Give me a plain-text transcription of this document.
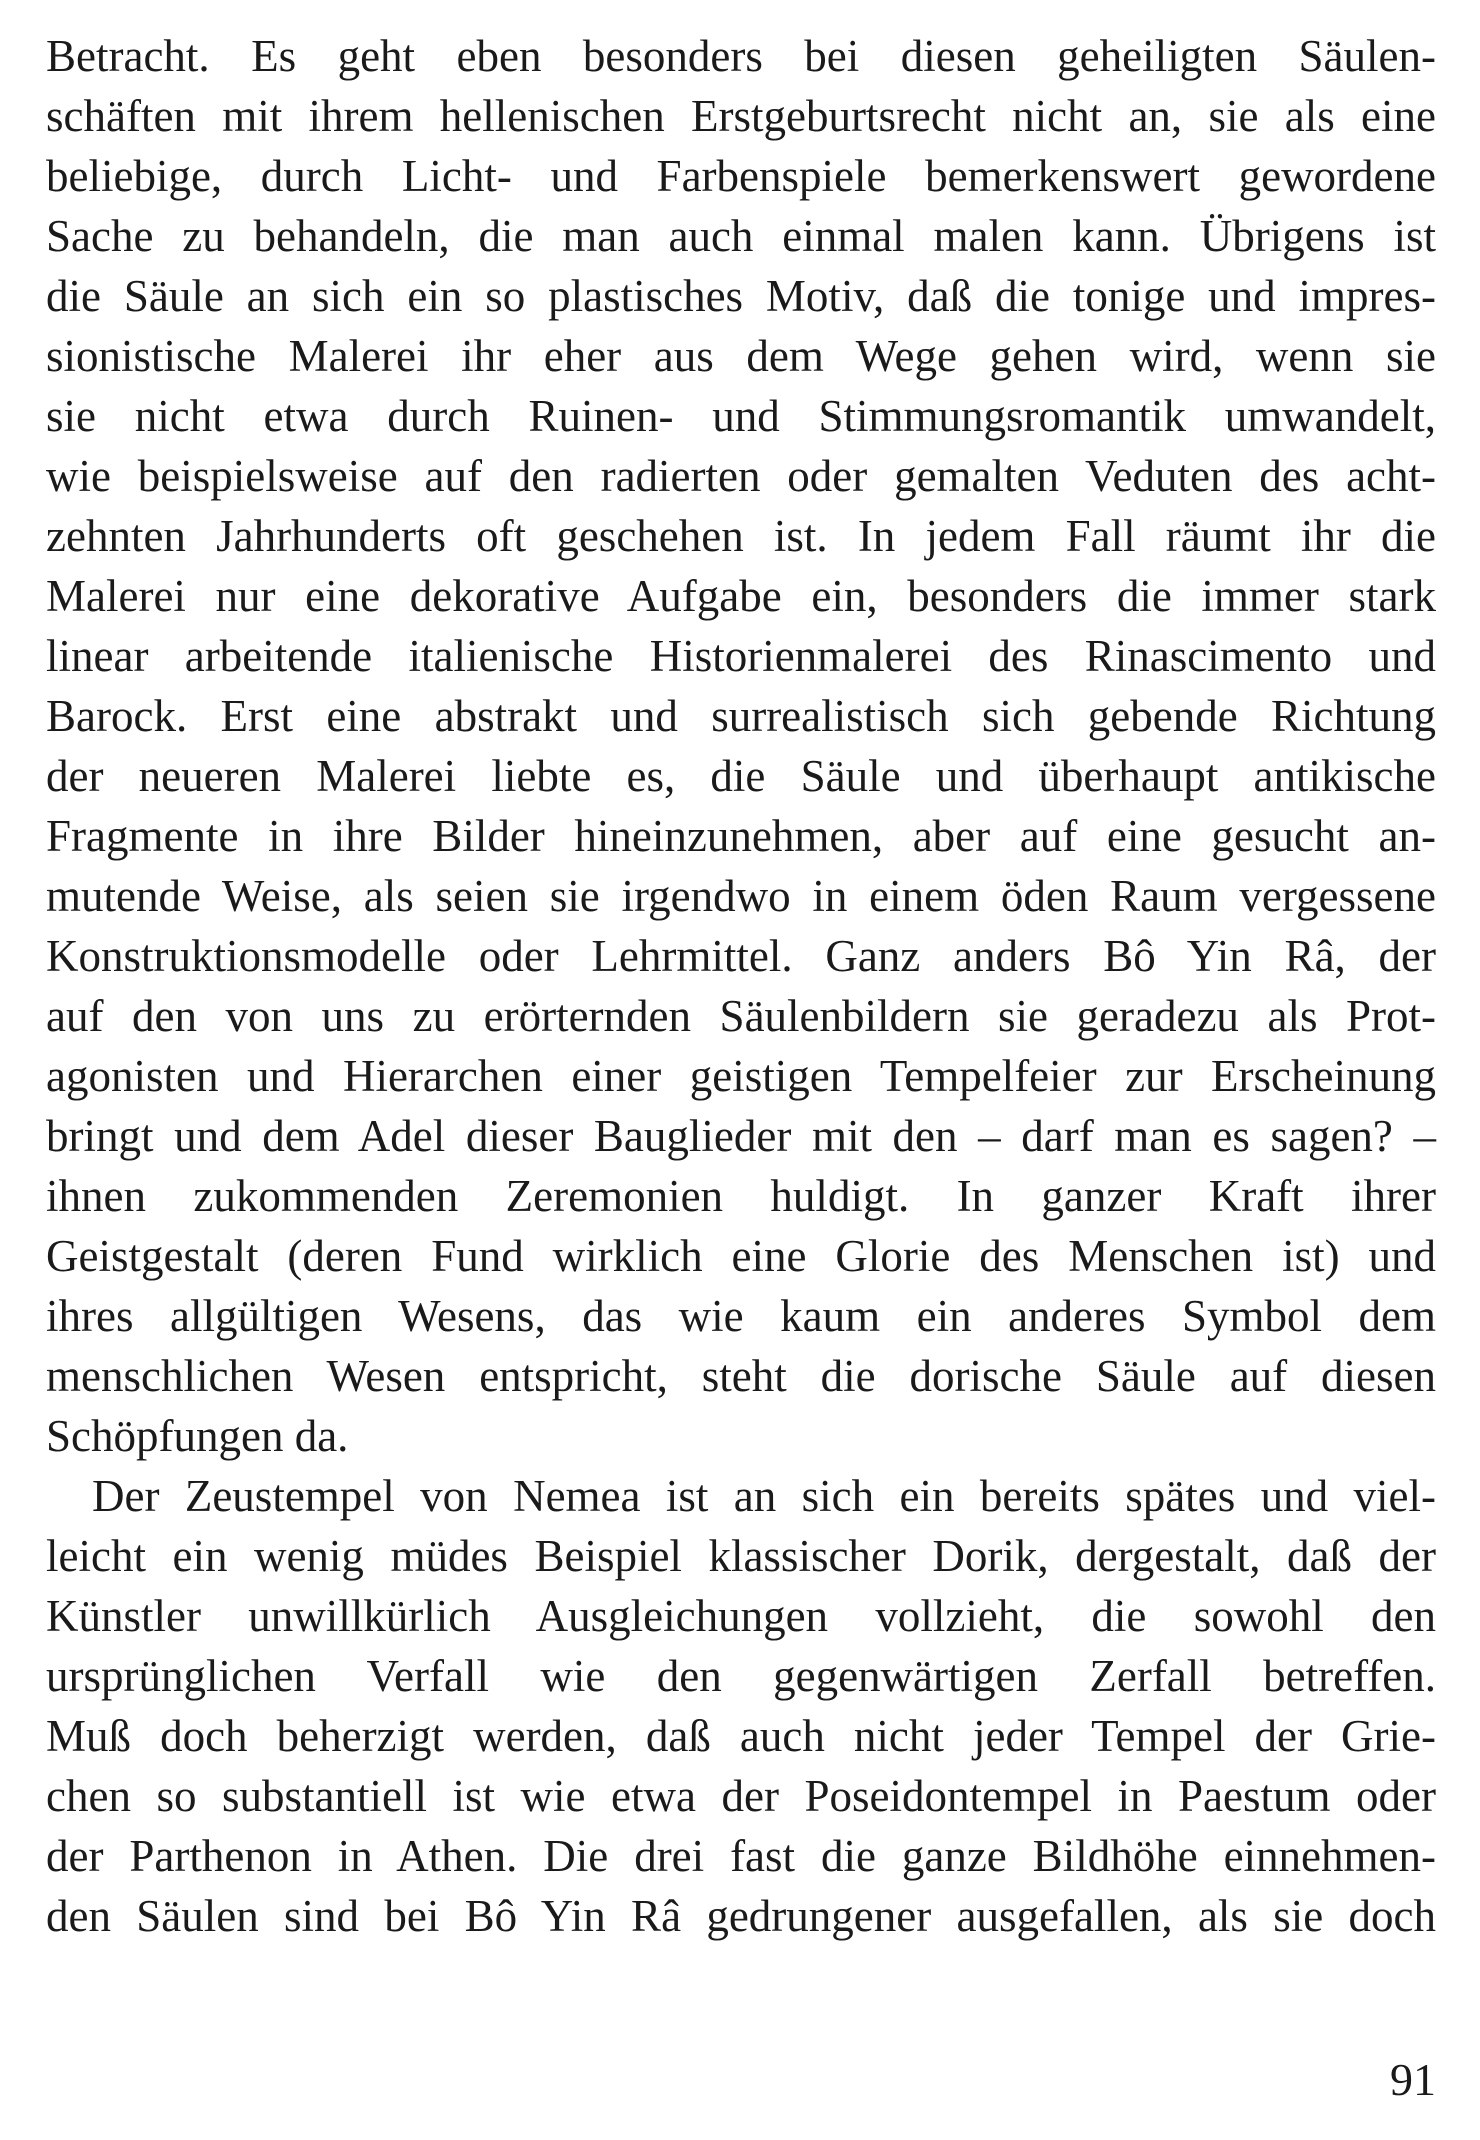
Betracht. Es geht eben besonders bei diesen geheiligten Säulen-
schäften mit ihrem hellenischen Erstgeburtsrecht nicht an, sie als eine
beliebige, durch Licht- und Farbenspiele bemerkenswert gewordene
Sache zu behandeln, die man auch einmal malen kann. Übrigens ist
die Säule an sich ein so plastisches Motiv, daß die tonige und impres-
sionistische Malerei ihr eher aus dem Wege gehen wird, wenn sie
sie nicht etwa durch Ruinen- und Stimmungsromantik umwandelt,
wie beispielsweise auf den radierten oder gemalten Veduten des acht-
zehnten Jahrhunderts oft geschehen ist. In jedem Fall räumt ihr die
Malerei nur eine dekorative Aufgabe ein, besonders die immer stark
linear arbeitende italienische Historienmalerei des Rinascimento und
Barock. Erst eine abstrakt und surrealistisch sich gebende Richtung
der neueren Malerei liebte es, die Säule und überhaupt antikische
Fragmente in ihre Bilder hineinzunehmen, aber auf eine gesucht an-
mutende Weise, als seien sie irgendwo in einem öden Raum vergessene
Konstruktionsmodelle oder Lehrmittel. Ganz anders Bô Yin Râ, der
auf den von uns zu erörternden Säulenbildern sie geradezu als Prot-
agonisten und Hierarchen einer geistigen Tempelfeier zur Erscheinung
bringt und dem Adel dieser Bauglieder mit den – darf man es sagen? –
ihnen zukommenden Zeremonien huldigt. In ganzer Kraft ihrer
Geistgestalt (deren Fund wirklich eine Glorie des Menschen ist) und
ihres allgültigen Wesens, das wie kaum ein anderes Symbol dem
menschlichen Wesen entspricht, steht die dorische Säule auf diesen
Schöpfungen da.
Der Zeustempel von Nemea ist an sich ein bereits spätes und viel-
leicht ein wenig müdes Beispiel klassischer Dorik, dergestalt, daß der
Künstler unwillkürlich Ausgleichungen vollzieht, die sowohl den
ursprünglichen Verfall wie den gegenwärtigen Zerfall betreffen.
Muß doch beherzigt werden, daß auch nicht jeder Tempel der Grie-
chen so substantiell ist wie etwa der Poseidontempel in Paestum oder
der Parthenon in Athen. Die drei fast die ganze Bildhöhe einnehmen-
den Säulen sind bei Bô Yin Râ gedrungener ausgefallen, als sie doch
91
